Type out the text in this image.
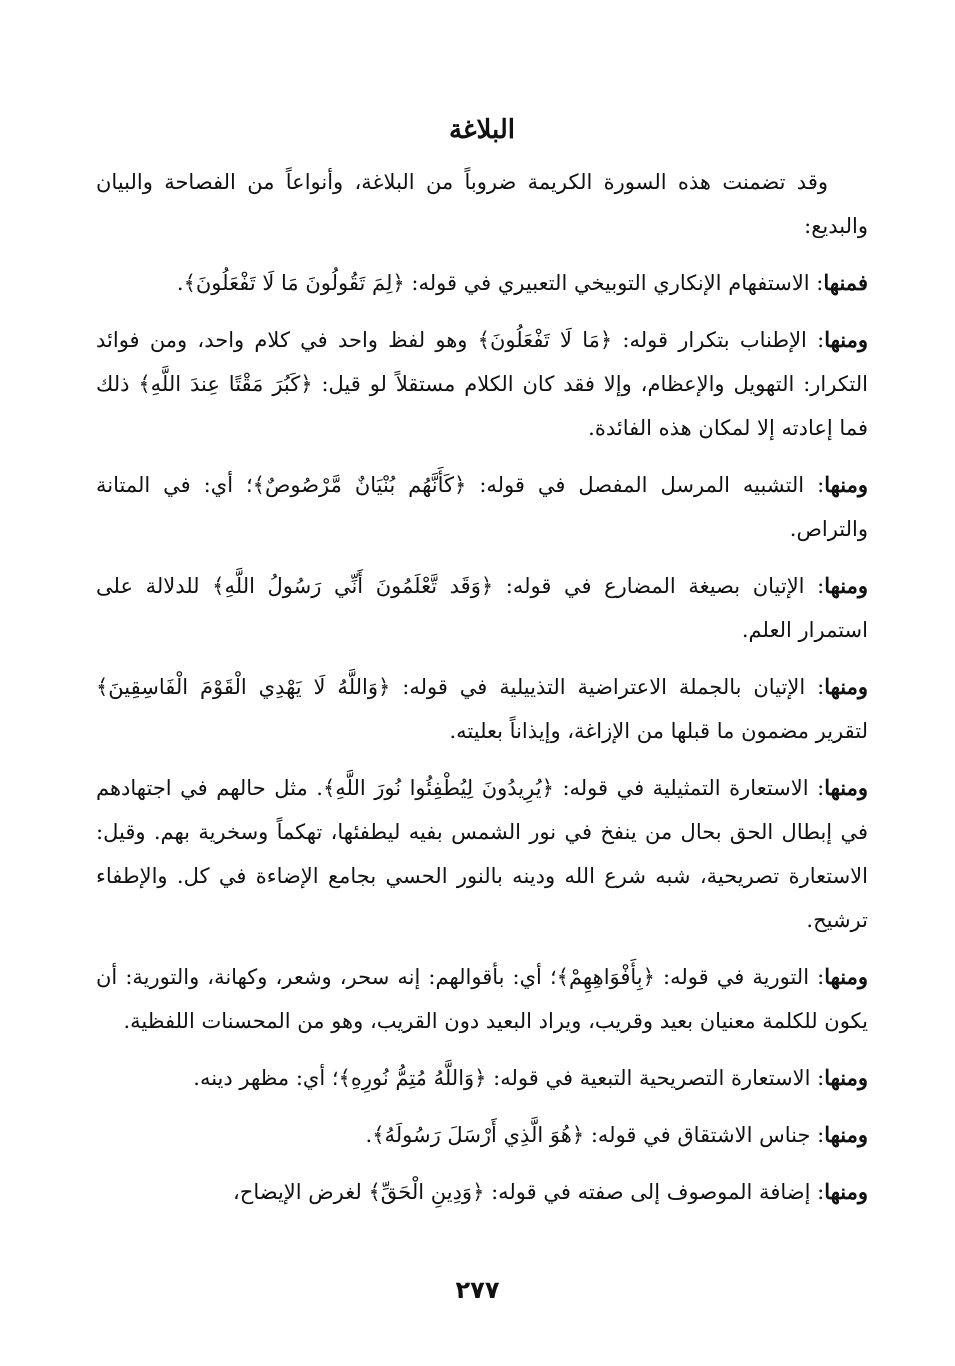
البلاغة

وقد تضمنت هذه السورة الكريمة ضروباً من البلاغة، وأنواعاً من الفصاحة والبيان والبديع:

فمنها: الاستفهام الإنكاري التوبيخي التعبيري في قوله: ﴿لِمَ تَقُولُونَ مَا لَا تَفْعَلُونَ﴾.

ومنها: الإطناب بتكرار قوله: ﴿مَا لَا تَفْعَلُونَ﴾ وهو لفظ واحد في كلام واحد، ومن فوائد التكرار: التهويل والإعظام، وإلا فقد كان الكلام مستقلاً لو قيل: ﴿كَبُرَ مَقْتًا عِندَ اللَّهِ﴾ ذلك فما إعادته إلا لمكان هذه الفائدة.

ومنها: التشبيه المرسل المفصل في قوله: ﴿كَأَنَّهُم بُنْيَانٌ مَّرْصُوصٌ﴾؛ أي: في المتانة والتراص.

ومنها: الإتيان بصيغة المضارع في قوله: ﴿وَقَد تَّعْلَمُونَ أَنِّي رَسُولُ اللَّهِ﴾ للدلالة على استمرار العلم.

ومنها: الإتيان بالجملة الاعتراضية التذييلية في قوله: ﴿وَاللَّهُ لَا يَهْدِي الْقَوْمَ الْفَاسِقِينَ﴾ لتقرير مضمون ما قبلها من الإزاغة، وإيذاناً بعليته.

ومنها: الاستعارة التمثيلية في قوله: ﴿يُرِيدُونَ لِيُطْفِئُوا نُورَ اللَّهِ﴾. مثل حالهم في اجتهادهم في إبطال الحق بحال من ينفخ في نور الشمس بفيه ليطفئها، تهكماً وسخرية بهم. وقيل: الاستعارة تصريحية، شبه شرع الله ودينه بالنور الحسي بجامع الإضاءة في كل. والإطفاء ترشيح.

ومنها: التورية في قوله: ﴿بِأَفْوَاهِهِمْ﴾؛ أي: بأقوالهم: إنه سحر، وشعر، وكهانة، والتورية: أن يكون للكلمة معنيان بعيد وقريب، ويراد البعيد دون القريب، وهو من المحسنات اللفظية.

ومنها: الاستعارة التصريحية التبعية في قوله: ﴿وَاللَّهُ مُتِمُّ نُورِهِ﴾؛ أي: مظهر دينه.

ومنها: جناس الاشتقاق في قوله: ﴿هُوَ الَّذِي أَرْسَلَ رَسُولَهُ﴾.

ومنها: إضافة الموصوف إلى صفته في قوله: ﴿وَدِينِ الْحَقِّ﴾ لغرض الإيضاح،

٢٧٧
